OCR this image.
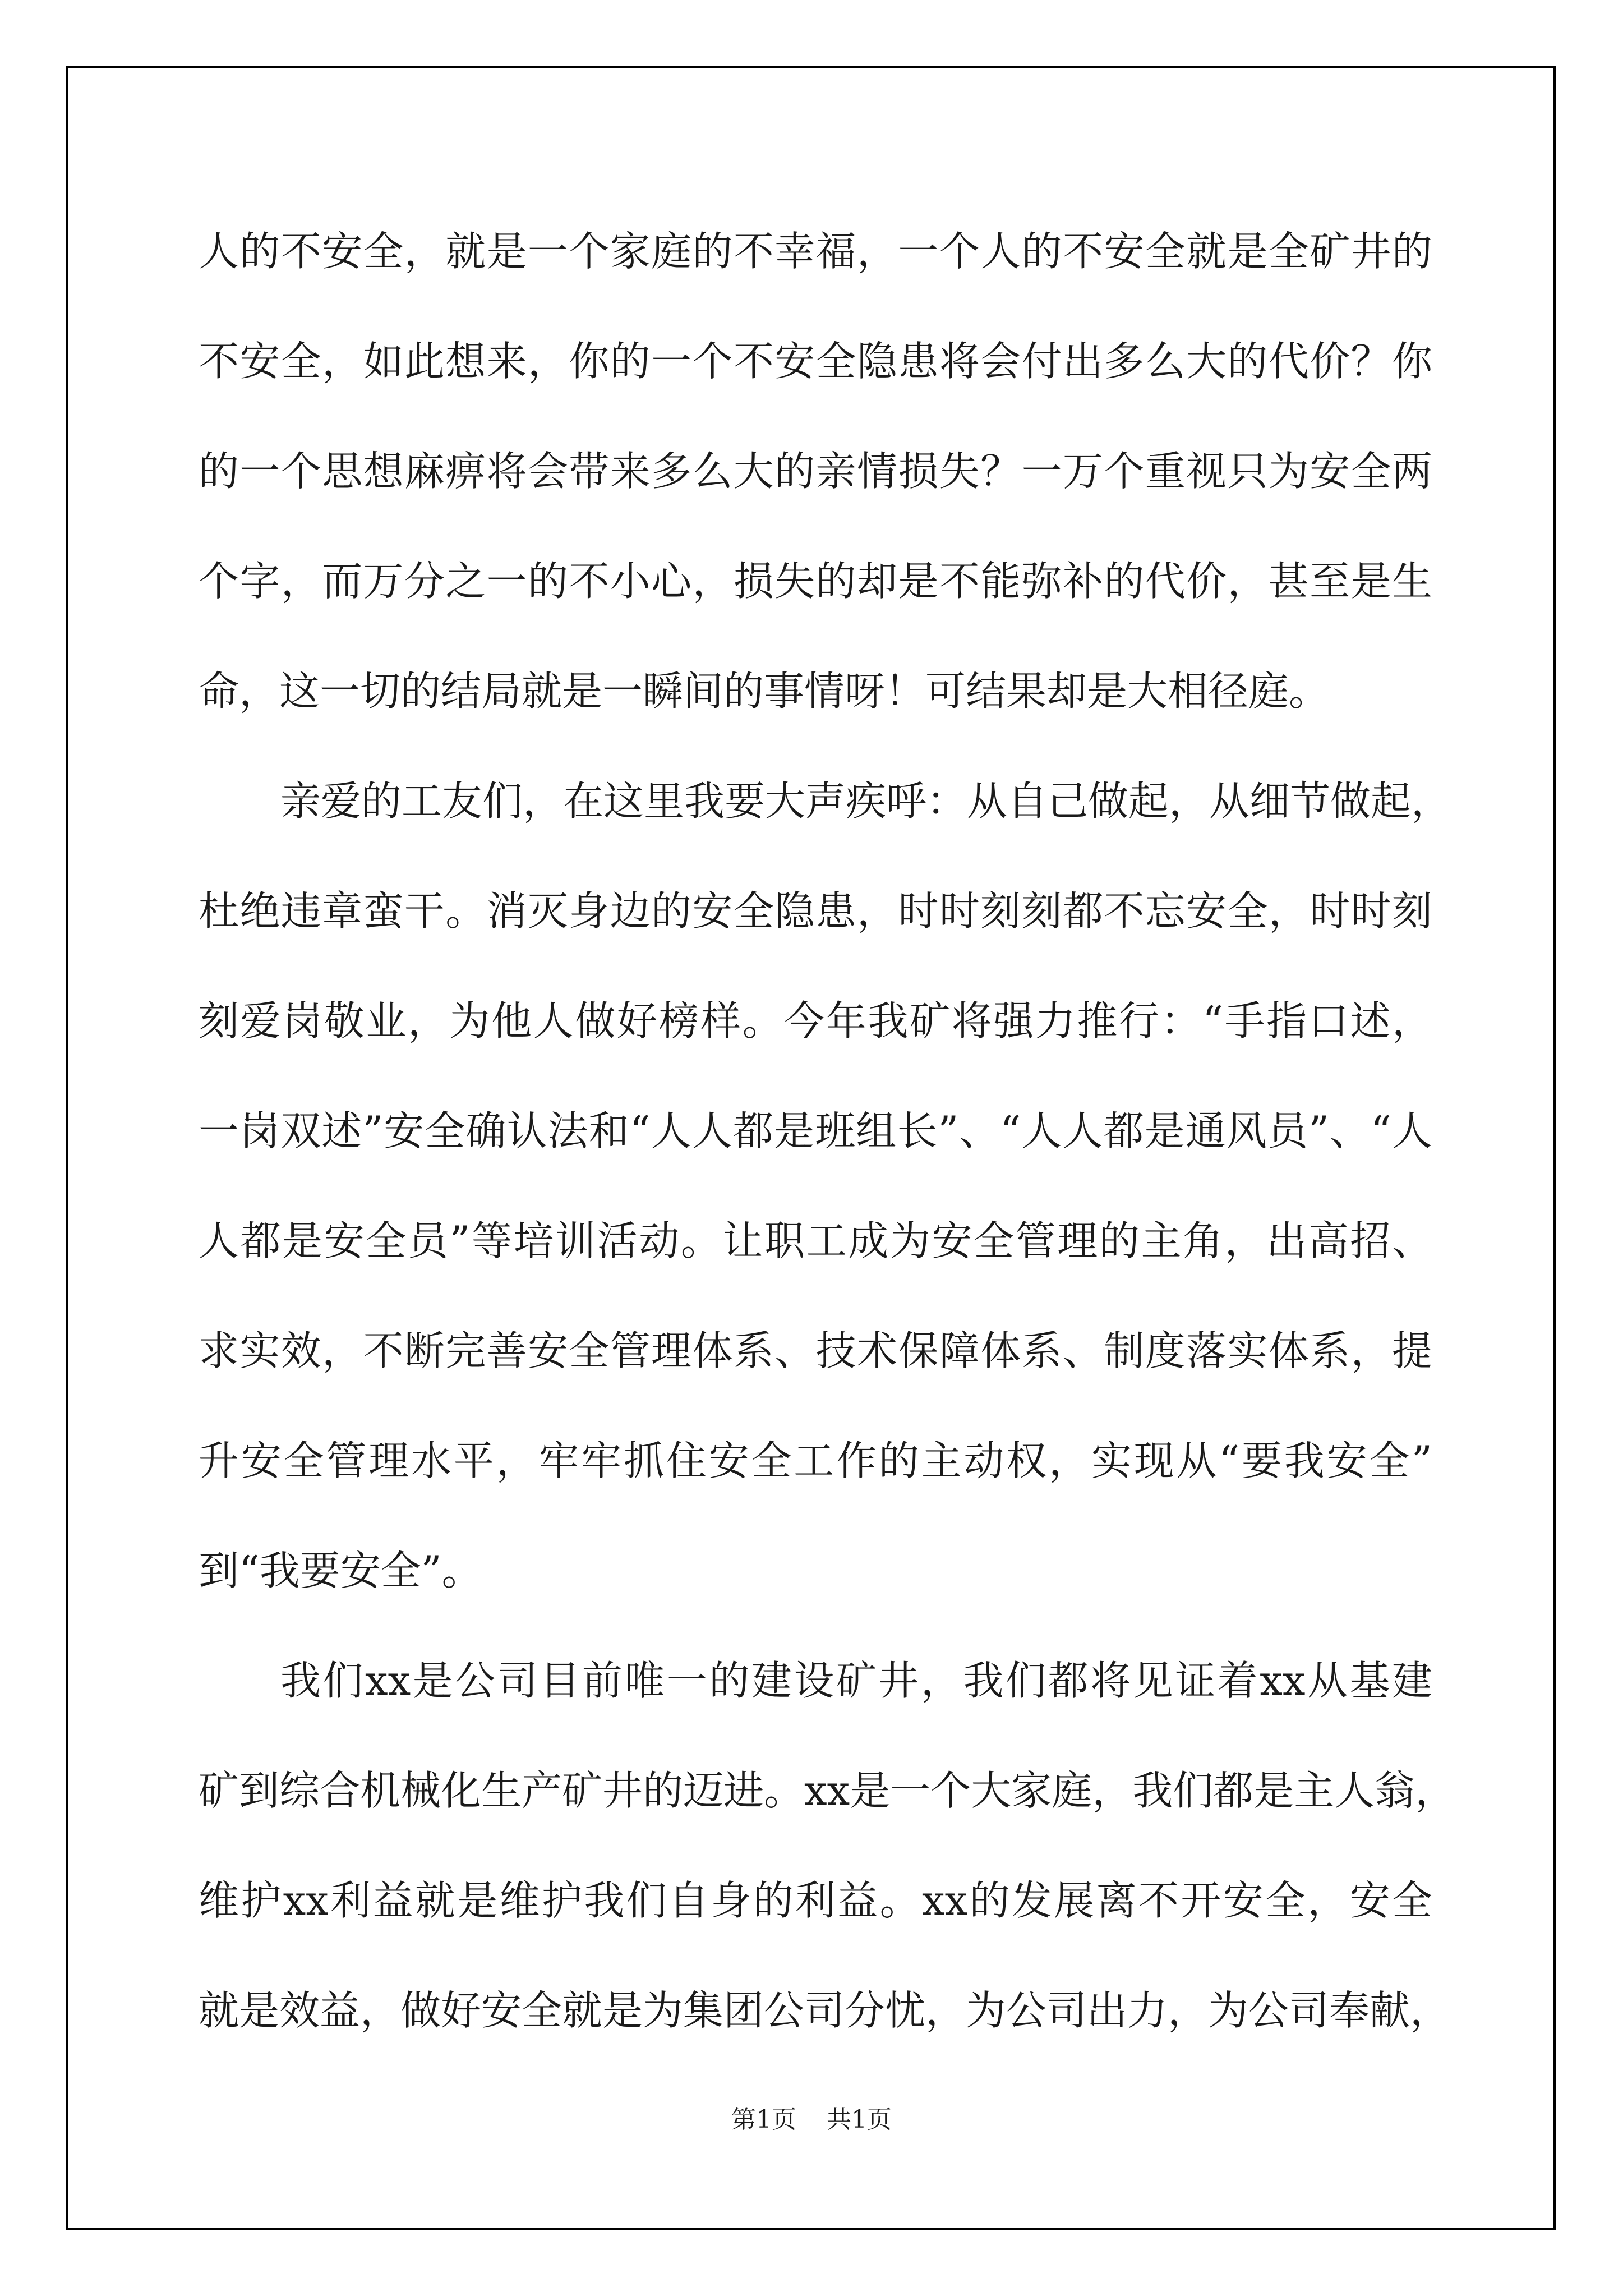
人的不安全，就是一个家庭的不幸福，一个人的不安全就是全矿井的
不安全，如此想来，你的一个不安全隐患将会付出多么大的代价？你
的一个思想麻痹将会带来多么大的亲情损失？一万个重视只为安全两
个字，而万分之一的不小心，损失的却是不能弥补的代价，甚至是生
命，这一切的结局就是一瞬间的事情呀！可结果却是大相径庭。
亲爱的工友们，在这里我要大声疾呼：从自己做起，从细节做起，
杜绝违章蛮干。消灭身边的安全隐患，时时刻刻都不忘安全，时时刻
刻爱岗敬业，为他人做好榜样。今年我矿将强力推行：“手指口述，
一岗双述”安全确认法和“人人都是班组长”、“人人都是通风员”、“人
人都是安全员”等培训活动。让职工成为安全管理的主角，出高招、
求实效，不断完善安全管理体系、技术保障体系、制度落实体系，提
升安全管理水平，牢牢抓住安全工作的主动权，实现从“要我安全”
到“我要安全”。
我们xx是公司目前唯一的建设矿井，我们都将见证着xx从基建
矿到综合机械化生产矿井的迈进。xx是一个大家庭，我们都是主人翁，
维护xx利益就是维护我们自身的利益。xx的发展离不开安全，安全
就是效益，做好安全就是为集团公司分忧，为公司出力，为公司奉献，
第1页 共1页
